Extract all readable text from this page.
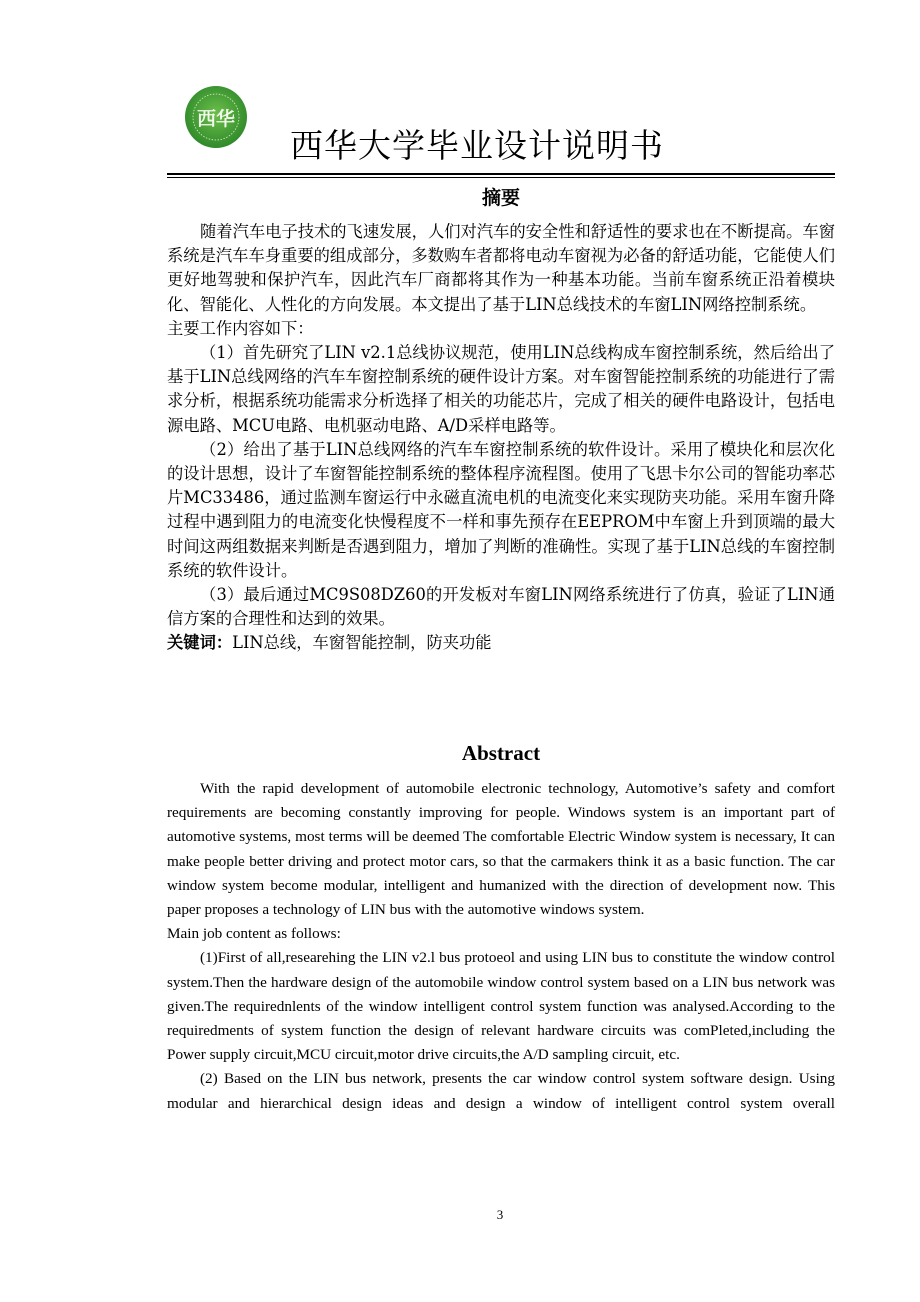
西华
西华大学毕业设计说明书
摘要

随着汽车电子技术的飞速发展，人们对汽车的安全性和舒适性的要求也在不断提高。车窗系统是汽车车身重要的组成部分，多数购车者都将电动车窗视为必备的舒适功能，它能使人们更好地驾驶和保护汽车，因此汽车厂商都将其作为一种基本功能。当前车窗系统正沿着模块化、智能化、人性化的方向发展。本文提出了基于LIN总线技术的车窗LIN网络控制系统。

主要工作内容如下：

（1）首先研究了LIN v2.1总线协议规范，使用LIN总线构成车窗控制系统，然后给出了基于LIN总线网络的汽车车窗控制系统的硬件设计方案。对车窗智能控制系统的功能进行了需求分析，根据系统功能需求分析选择了相关的功能芯片，完成了相关的硬件电路设计，包括电源电路、MCU电路、电机驱动电路、A/D采样电路等。

（2）给出了基于LIN总线网络的汽车车窗控制系统的软件设计。采用了模块化和层次化的设计思想，设计了车窗智能控制系统的整体程序流程图。使用了飞思卡尔公司的智能功率芯片MC33486，通过监测车窗运行中永磁直流电机的电流变化来实现防夹功能。采用车窗升降过程中遇到阻力的电流变化快慢程度不一样和事先预存在EEPROM中车窗上升到顶端的最大时间这两组数据来判断是否遇到阻力，增加了判断的准确性。实现了基于LIN总线的车窗控制系统的软件设计。

（3）最后通过MC9S08DZ60的开发板对车窗LIN网络系统进行了仿真，验证了LIN通信方案的合理性和达到的效果。

关键词：LIN总线，车窗智能控制，防夹功能

Abstract

With the rapid development of automobile electronic technology, Automotive’s safety and comfort requirements are becoming constantly improving for people. Windows system is an important part of automotive systems, most terms will be deemed The comfortable Electric Window system is necessary, It can make people better driving and protect motor cars, so that the carmakers think it as a basic function. The car window system become modular, intelligent and humanized with the direction of development now. This paper proposes a technology of LIN bus with the automotive windows system.

Main job content as follows:

(1)First of all,researehing the LIN v2.l bus protoeol and using LIN bus to constitute the window control system.Then the hardware design of the automobile window control system based on a LIN bus network was given.The requirednlents of the window intelligent control system function was analysed.According to the requiredments of system function the design of relevant hardware circuits was comPleted,including the Power supply circuit,MCU circuit,motor drive circuits,the A/D sampling circuit, etc.

(2) Based on the LIN bus network, presents the car window control system software design. Using modular and hierarchical design ideas and design a window of intelligent control system overall

3
